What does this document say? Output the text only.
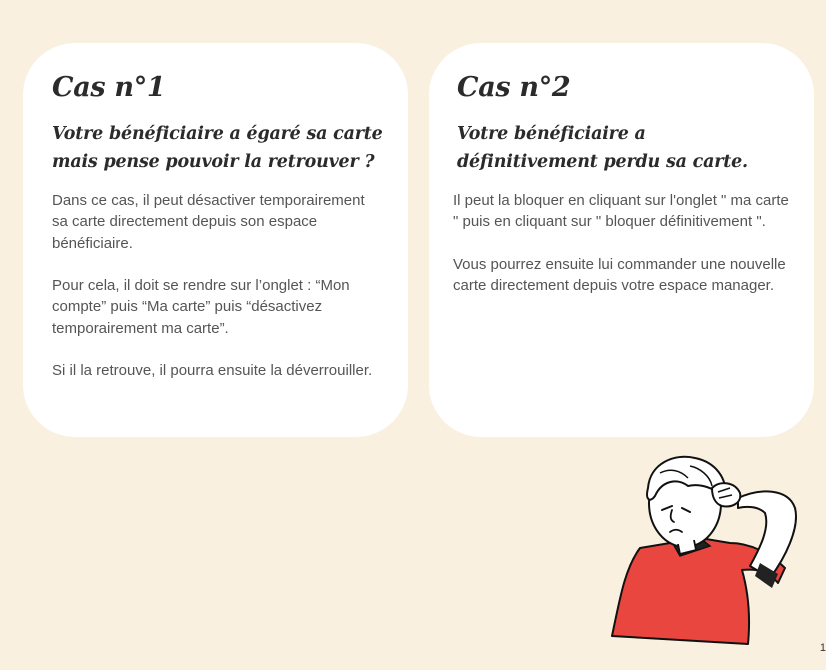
Cas n°1
Votre bénéficiaire a égaré sa carte
mais pense pouvoir la retrouver ?

Dans ce cas, il peut désactiver temporairement sa carte directement depuis son espace bénéficiaire.

Pour cela, il doit se rendre sur l’onglet : “Mon compte” puis “Ma carte” puis “désactivez temporairement ma carte”.

Si il la retrouve, il pourra ensuite la déverrouiller.

Cas n°2
Votre bénéficiaire a
définitivement perdu sa carte.

Il peut la bloquer en cliquant sur l'onglet " ma carte " puis en cliquant sur " bloquer définitivement ".

Vous pourrez ensuite lui commander une nouvelle carte directement depuis votre espace manager.

1
